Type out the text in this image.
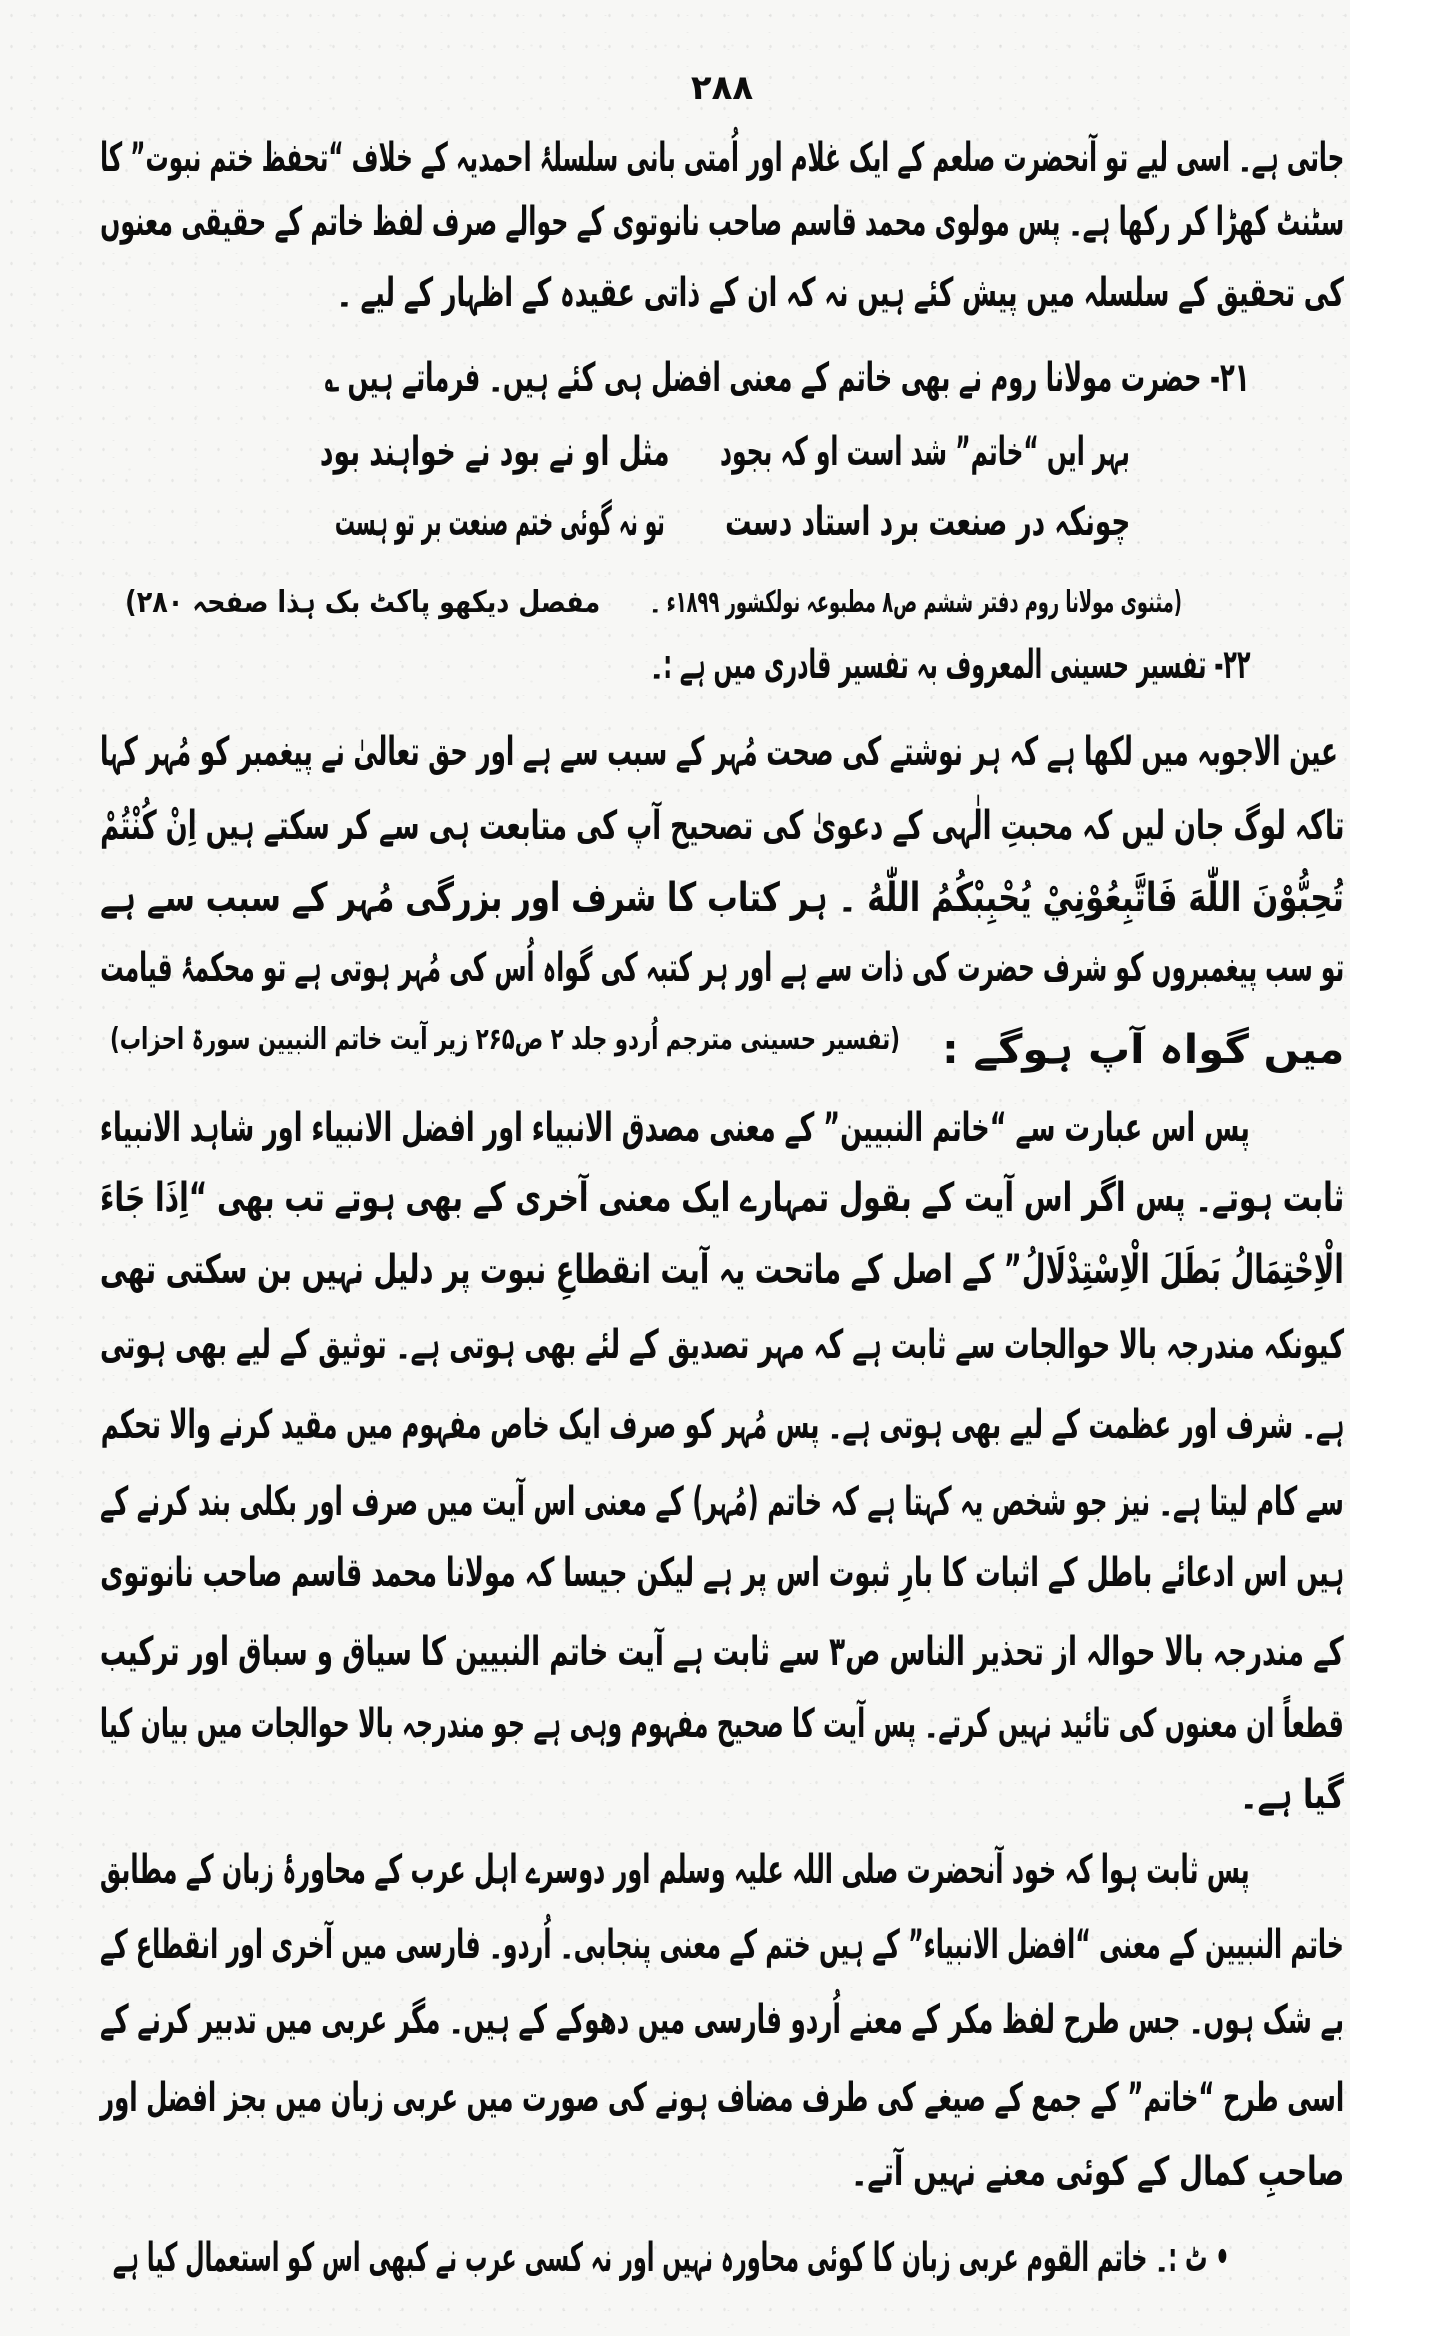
۲۸۸
جاتی ہے۔ اسی لیے تو آنحضرت صلعم کے ایک غلام اور اُمتی بانی سلسلۂ احمدیہ کے خلاف “تحفظ ختم نبوت” کا
سٹنٹ کھڑا کر رکھا ہے۔ پس مولوی محمد قاسم صاحب نانوتوی کے حوالے صرف لفظ خاتم کے حقیقی معنوں
کی تحقیق کے سلسلہ میں پیش کئے ہیں نہ کہ ان کے ذاتی عقیدہ کے اظہار کے لیے ۔
۲۱- حضرت مولانا روم نے بھی خاتم کے معنی افضل ہی کئے ہیں۔ فرماتے ہیں ؎
بہر ایں “خاتم” شد است او کہ بجود
مثل او نے بود نے خواہند بود
چونکہ در صنعت برد استاد دست
تو نہ گوئی ختم صنعت بر تو ہست
(مثنوی مولانا روم دفتر ششم ص۸ مطبوعہ نولکشور ۱۸۹۹ء ۔
مفصل دیکھو پاکٹ بک ہذا صفحہ ۲۸۰)
۲۲- تفسیر حسینی المعروف بہ تفسیر قادری میں ہے :۔
عین الاجوبہ میں لکھا ہے کہ ہر نوشتے کی صحت مُہر کے سبب سے ہے اور حق تعالیٰ نے پیغمبر کو مُہر کہا
تاکہ لوگ جان لیں کہ محبتِ الٰہی کے دعویٰ کی تصحیح آپ کی متابعت ہی سے کر سکتے ہیں اِنْ كُنْتُمْ
تُحِبُّوْنَ اللّٰهَ فَاتَّبِعُوْنِيْ يُحْبِبْكُمُ اللّٰهُ ۔ ہر کتاب کا شرف اور بزرگی مُہر کے سبب سے ہے
تو سب پیغمبروں کو شرف حضرت کی ذات سے ہے اور ہر کتبہ کی گواہ اُس کی مُہر ہوتی ہے تو محکمۂ قیامت
میں گواہ آپ ہوگے :
(تفسیر حسینی مترجم اُردو جلد ۲ ص۲۶۵ زیر آیت خاتم النبیین سورۃ احزاب)
پس اس عبارت سے “خاتم النبیین” کے معنی مصدق الانبیاء اور افضل الانبیاء اور شاہد الانبیاء
ثابت ہوتے۔ پس اگر اس آیت کے بقول تمہارے ایک معنی آخری کے بھی ہوتے تب بھی “اِذَا جَاءَ
الْاِحْتِمَالُ بَطَلَ الْاِسْتِدْلَالُ” کے اصل کے ماتحت یہ آیت انقطاعِ نبوت پر دلیل نہیں بن سکتی تھی
کیونکہ مندرجہ بالا حوالجات سے ثابت ہے کہ مہر تصدیق کے لئے بھی ہوتی ہے۔ توثیق کے لیے بھی ہوتی
ہے۔ شرف اور عظمت کے لیے بھی ہوتی ہے۔ پس مُہر کو صرف ایک خاص مفہوم میں مقید کرنے والا تحکم
سے کام لیتا ہے۔ نیز جو شخص یہ کہتا ہے کہ خاتم (مُہر) کے معنی اس آیت میں صرف اور بکلی بند کرنے کے
ہیں اس ادعائے باطل کے اثبات کا بارِ ثبوت اس پر ہے لیکن جیسا کہ مولانا محمد قاسم صاحب نانوتوی
کے مندرجہ بالا حوالہ از تحذیر الناس ص۳ سے ثابت ہے آیت خاتم النبیین کا سیاق و سباق اور ترکیب
قطعاً ان معنوں کی تائید نہیں کرتے۔ پس آیت کا صحیح مفہوم وہی ہے جو مندرجہ بالا حوالجات میں بیان کیا
گیا ہے۔
پس ثابت ہوا کہ خود آنحضرت صلی اللہ علیہ وسلم اور دوسرے اہل عرب کے محاورۂ زبان کے مطابق
خاتم النبیین کے معنی “افضل الانبیاء” کے ہیں ختم کے معنی پنجابی۔ اُردو۔ فارسی میں آخری اور انقطاع کے
بے شک ہوں۔ جس طرح لفظ مکر کے معنے اُردو فارسی میں دھوکے کے ہیں۔ مگر عربی میں تدبیر کرنے کے
اسی طرح “خاتم” کے جمع کے صیغے کی طرف مضاف ہونے کی صورت میں عربی زبان میں بجز افضل اور
صاحبِ کمال کے کوئی معنے نہیں آتے۔
• ٹ :۔ خاتم القوم عربی زبان کا کوئی محاورہ نہیں اور نہ کسی عرب نے کبھی اس کو استعمال کیا ہے
